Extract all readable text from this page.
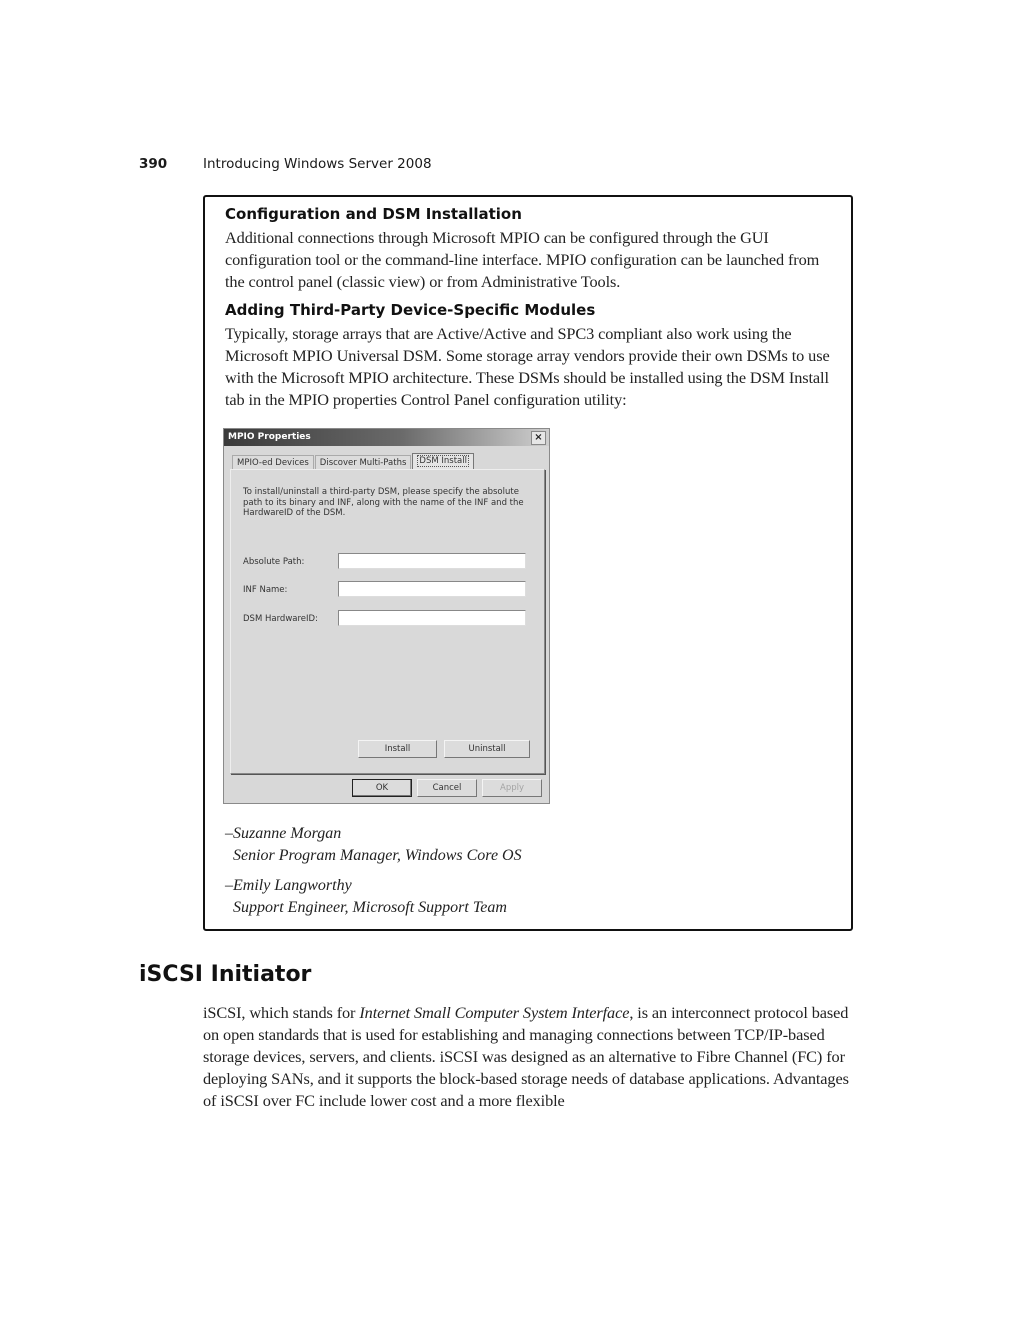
390	Introducing Windows Server 2008
Configuration and DSM Installation

Additional connections through Microsoft MPIO can be configured through the GUI configuration tool or the command-line interface. MPIO configuration can be launched from the control panel (classic view) or from Administrative Tools.

Adding Third-Party Device-Specific Modules

Typically, storage arrays that are Active/Active and SPC3 compliant also work using the Microsoft MPIO Universal DSM. Some storage array vendors provide their own DSMs to use with the Microsoft MPIO architecture. These DSMs should be installed using the DSM Install tab in the MPIO properties Control Panel configuration utility:

–Suzanne Morgan
Senior Program Manager, Windows Core OS
–Emily Langworthy
Support Engineer, Microsoft Support Team
MPIO Properties	×
MPIO-ed Devices	Discover Multi-Paths	DSM Install
To install/uninstall a third-party DSM, please specify the absolute path to its binary and INF, along with the name of the INF and the HardwareID of the DSM.
Absolute Path:
INF Name:
DSM HardwareID:
Install	Uninstall
OK	Cancel	Apply
iSCSI Initiator

iSCSI, which stands for Internet Small Computer System Interface, is an interconnect protocol based on open standards that is used for establishing and managing connections between TCP/IP-based storage devices, servers, and clients. iSCSI was designed as an alternative to Fibre Channel (FC) for deploying SANs, and it supports the block-based storage needs of database applications. Advantages of iSCSI over FC include lower cost and a more flexible
